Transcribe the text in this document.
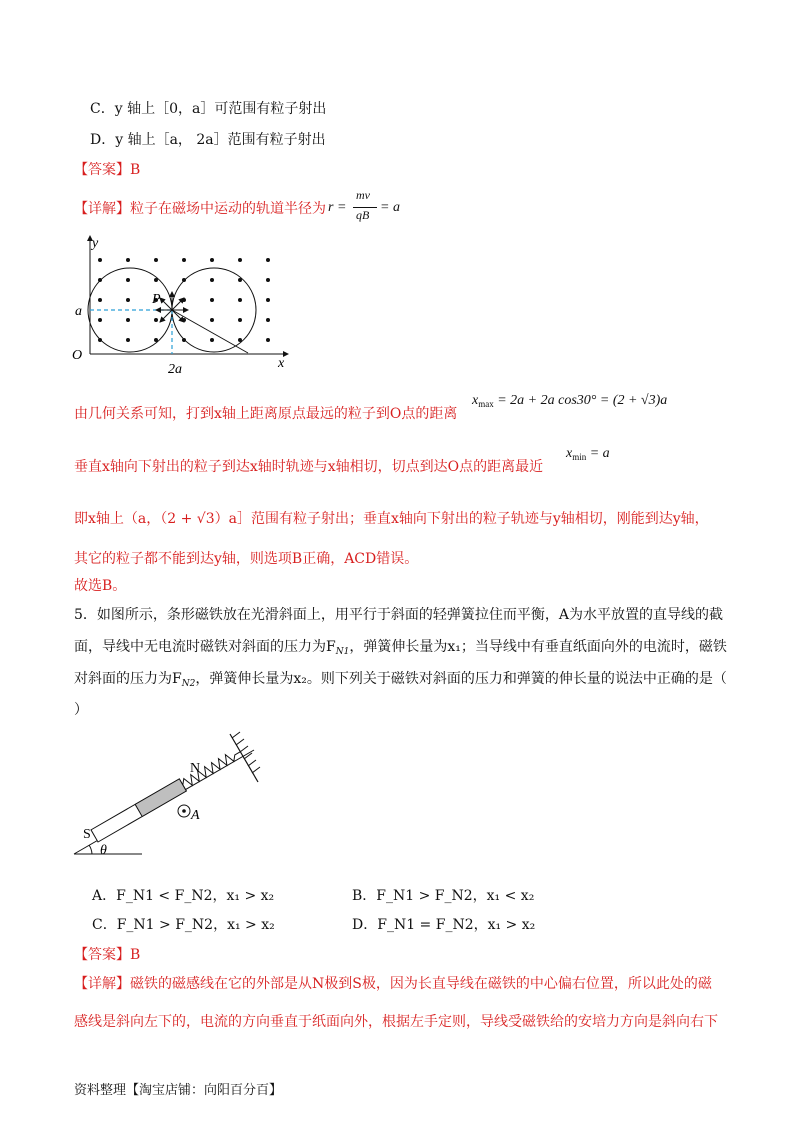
C．y 轴上［0，a］可范围有粒子射出
D．y 轴上［a， 2a］范围有粒子射出
【答案】B
【详解】粒子在磁场中运动的轨道半径为 r =
mv
qB = a
y
a
P
O
2a	x
由几何关系可知，打到x轴上距离原点最远的粒子到O点的距离
$x_{max} = 2a + 2a$ cos30° = (2 + √3)a
垂直x轴向下射出的粒子到达x轴时轨迹与x轴相切，切点到达O点的距离最近
$x_{min} = a$
即x轴上（a，（2 + √3）a］范围有粒子射出；垂直x轴向下射出的粒子轨迹与y轴相切，刚能到达y轴，
其它的粒子都不能到达y轴，则选项B正确，ACD错误。
故选B。
5．如图所示，条形磁铁放在光滑斜面上，用平行于斜面的轻弹簧拉住而平衡，A为水平放置的直导线的截
面，导线中无电流时磁铁对斜面的压力为$F_{N1}$，弹簧伸长量为x₁；当导线中有垂直纸面向外的电流时，磁铁
对斜面的压力为$F_{N2}$，弹簧伸长量为x₂。则下列关于磁铁对斜面的压力和弹簧的伸长量的说法中正确的是（
）
A
N
S
θ
A．F_N1 < F_N2，x₁ > x₂	B．F_N1 > F_N2，x₁ < x₂
C．F_N1 > F_N2，x₁ > x₂	D．F_N1 = F_N2，x₁ > x₂
【答案】B
【详解】磁铁的磁感线在它的外部是从N极到S极，因为长直导线在磁铁的中心偏右位置，所以此处的磁
感线是斜向左下的，电流的方向垂直于纸面向外，根据左手定则，导线受磁铁给的安培力方向是斜向右下
资料整理【淘宝店铺：向阳百分百】
